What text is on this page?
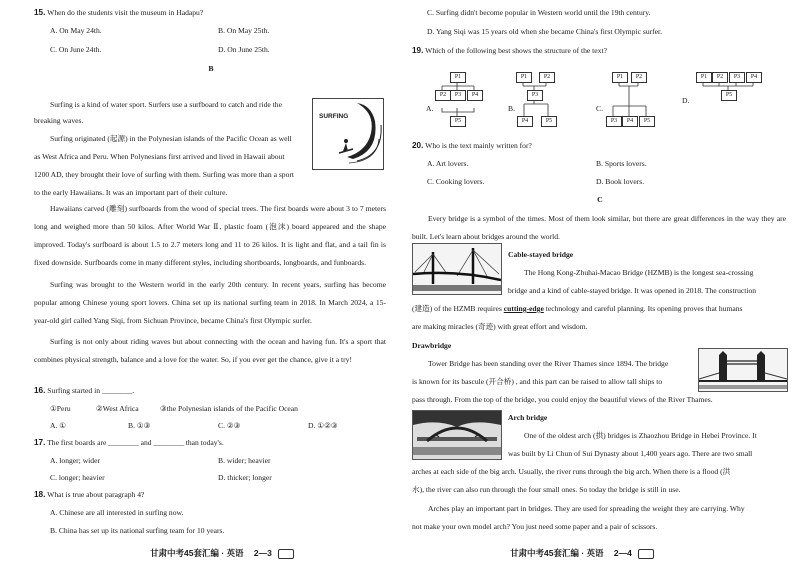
15. When do the students visit the museum in Hadapu?

A. On May 24th.	B. On May 25th.

C. On June 24th.	D. On June 25th.

B

SURFING

Surfing is a kind of water sport. Surfers use a surfboard to catch and ride the

breaking waves.

Surfing originated (起源) in the Polynesian islands of the Pacific Ocean as well

as West Africa and Peru. When Polynesians first arrived and lived in Hawaii about

1200 AD, they brought their love of surfing with them. Surfing was more than a sport

to the early Hawaiians. It was an important part of their culture.

Hawaiians carved (雕刻) surfboards from the wood of special trees. The first boards were about 3 to 7 meters long and weighed more than 50 kilos. After World War Ⅱ, plastic foam (泡沫) board appeared and the shape improved. Today's surfboard is about 1.5 to 2.7 meters long and 11 to 26 kilos. It is light and flat, and a tail fin is fixed downside. Surfboards come in many different styles, including shortboards, longboards, and funboards.

Surfing was brought to the Western world in the early 20th century. In recent years, surfing has become popular among Chinese young sport lovers. China set up its national surfing team in 2018. In March 2024, a 15-year-old girl called Yang Siqi, from Sichuan Province, became China's first Olympic surfer.

Surfing is not only about riding waves but about connecting with the ocean and having fun. It's a sport that combines physical strength, balance and a love for the water. So, if you ever get the chance, give it a try!

16. Surfing started in ________.

①Peru	②West Africa	③the Polynesian islands of the Pacific Ocean

A. ①	B. ①③	C. ②③	D. ①②③

17. The first boards are ________ and ________ than today's.

A. longer; wider	B. wider; heavier

C. longer; heavier	D. thicker; longer

18. What is true about paragraph 4?

A. Chinese are all interested in surfing now.

B. China has set up its national surfing team for 10 years.

甘肃中考45套汇编 · 英语 2—3

C. Surfing didn't become popular in Western world until the 19th century.

D. Yang Siqi was 15 years old when she became China's first Olympic surfer.

19. Which of the following best shows the structure of the text?

A.
P1
P2	P3	P4
P5
B.
P1	P2
P3
P4	P5
C.
P1	P2
P3	P4	P5
D.
P1	P2	P3	P4
P5

20. Who is the text mainly written for?

A. Art lovers.	B. Sports lovers.

C. Cooking lovers.	D. Book lovers.

C

Every bridge is a symbol of the times. Most of them look similar, but there are great differences in the way they are built. Let's learn about bridges around the world.

Cable-stayed bridge

The Hong Kong-Zhuhai-Macao Bridge (HZMB) is the longest sea-crossing

bridge and a kind of cable-stayed bridge. It was opened in 2018. The construction

(建造) of the HZMB requires cutting-edge technology and careful planning. Its opening proves that humans

are making miracles (奇迹) with great effort and wisdom.

Drawbridge

Tower Bridge has been standing over the River Thames since 1894. The bridge

is known for its bascule (开合桥) , and this part can be raised to allow tall ships to

pass through. From the top of the bridge, you could enjoy the beautiful views of the River Thames.

Arch bridge

One of the oldest arch (拱) bridges is Zhaozhou Bridge in Hebei Province. It

was built by Li Chun of Sui Dynasty about 1,400 years ago. There are two small

arches at each side of the big arch. Usually, the river runs through the big arch. When there is a flood (洪

水), the river can also run through the four small ones. So today the bridge is still in use.

Arches play an important part in bridges. They are used for spreading the weight they are carrying. Why

not make your own model arch? You just need some paper and a pair of scissors.

甘肃中考45套汇编 · 英语 2—4
